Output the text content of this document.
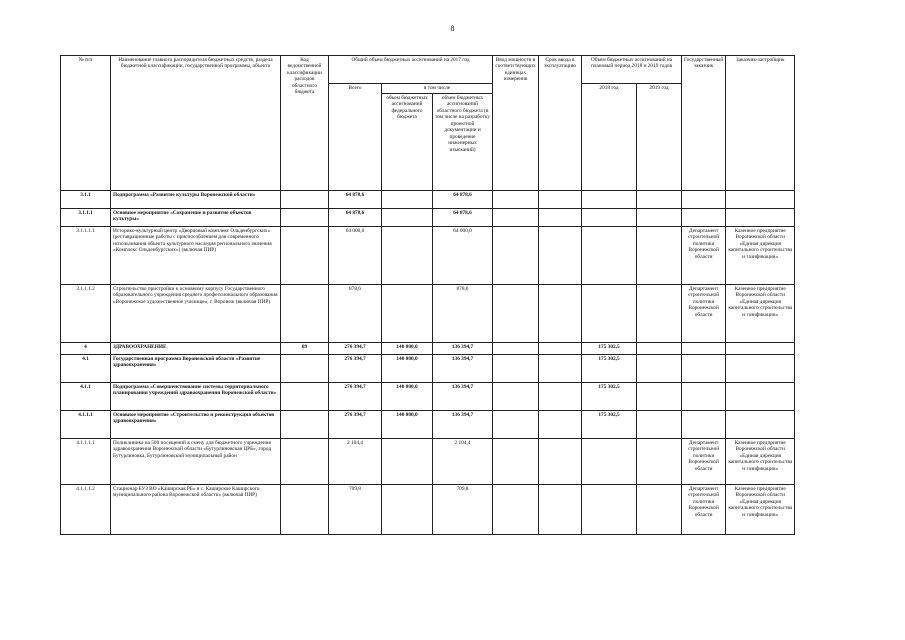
8
№ п/п	Наименование главного распорядителя бюджетных средств, раздела бюджетной классификации, государственной программы, объекта	Код ведомственной классификации расходов областного бюджета	Общий объем бюджетных ассигнований на 2017 год			Ввод мощности в соответствующих единицах измерения	Срок ввода в эксплуатацию	Объем бюджетных ассигнований на плановый период 2018 и 2019 годов		Государственный заказчик	Заказчик-застройщик
			Всего	в том числе				2018 год	2019 год		
				объем бюджетных ассигнований федерального бюджета	объем бюджетных ассигнований областного бюджета (в том числе на разработку проектной документации и проведение инженерных изысканий)						
3.1.1	Подпрограмма «Развитие культуры Воронежской области»		64 878,6		64 878,6						
3.1.1.1	Основное мероприятие «Сохранение и развитие объектов культуры»		64 878,6		64 878,6						
3.1.1.1.1	Историко-культурный центр «Дворцовый комплекс Ольденбургских» (реставрационные работы с приспособлением для современного использования объекта культурного наследия регионального значения «Комплекс Ольденбургских») (включая ПИР)		64 000,0		64 000,0					Департамент строительной политики Воронежской области	Казенное предприятие Воронежской области «Единая дирекция капитального строительства и газификации»
3.1.1.1.2	Строительство пристройки к основному корпусу Государственного образовательного учреждения среднего профессионального образования «Воронежское художественное училище», г. Воронеж (включая ПИР)		878,6		878,6					Департамент строительной политики Воронежской области	Казенное предприятие Воронежской области «Единая дирекция капитального строительства и газификации»
4	ЗДРАВООХРАНЕНИЕ	09	276 394,7	140 000,0	136 394,7			175 302,5			
4.1	Государственная программа Воронежской области «Развитие здравоохранения»		276 394,7	140 000,0	136 394,7			175 302,5			
4.1.1	Подпрограмма «Совершенствование системы территориального планирования учреждений здравоохранения Воронежской области»		276 394,7	140 000,0	136 394,7			175 302,5			
4.1.1.1	Основное мероприятие «Строительство и реконструкция объектов здравоохранения»		276 394,7	140 000,0	136 394,7			175 302,5			
4.1.1.1.1	Поликлиника на 500 посещений в смену для бюджетного учреждения здравоохранения Воронежской области «Бутурлиновская ЦРБ», город Бутурлиновка, Бутурлиновский муниципальный район		2 104,4		2 104,4					Департамент строительной политики Воронежской области	Казенное предприятие Воронежской области «Единая дирекция капитального строительства и газификации»
4.1.1.1.2	Стационар БУЗ ВО «Каширская РБ» в с. Каширское Каширского муниципального района Воронежской области» (включая ПИР)		709,8		709,8					Департамент строительной политики Воронежской области	Казенное предприятие Воронежской области «Единая дирекция капитального строительства и газификации»
